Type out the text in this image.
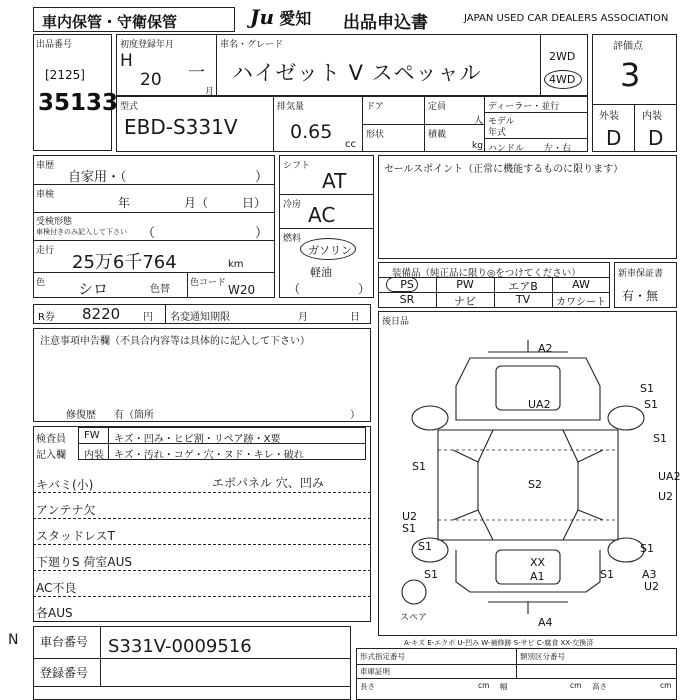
車内保管・守衛保管	Ju 愛知 出品申込書	JAPAN USED CAR DEALERS ASSOCIATION
出品番号
[2125]
35133
初度登録年月
H
20 一
月
車名・グレード
ハイゼット V スペッャル
2WD
4WD
評価点
3
外装 内装
D D
型式
EBD-S331V
排気量
0.65
cc
ドア	定員
人
形状	積載
kg
ディーラー・並行
モデル
年式
ハンドル 左・右
車歴
自家用・（	）
車検
年	月（	日）
受検形態
車検付きのみ記入して下さい （	）
走行
25万6千764	km
色 シロ	色替
色コード W20
シフト
AT
冷房 AC
燃料
ガソリン
軽油
（	）
セールスポイント（正常に機能するものに限ります）
装備品（純正品に限り◎をつけてください）
PS	PW	エアB	AW
SR	ナビ	TV	カワシート
新車保証書
有・無
R券 8220 円 名変通知期限	月	日 後日品
注意事項申告欄（不具合内容等は具体的に記入して下さい）
修復歴 有（箇所	）
検査員
記入欄
FW キズ・凹み・ヒビ割・リペア跡・X要
内装 キズ・汚れ・コゲ・穴・ヌド・キレ・破れ
キバミ(小)	エボパネル 穴、凹み
アンテナ欠
スタッドレスT
下廻りS 荷室AUS
AC不良
各AUS
A2
UA2
S1
S1
S1
S1
S2
UA2
U2
S1
U2
S1
S1
S1
XX
A1	S1	A3
U2
A4
スペア
A-キズ E-エクボ U-凹み W-補修跡 S-サビ C-腐食 XX-交換済
N 車台番号 S331V-0009516
登録番号
形式指定番号	類別区分番号
車庫証明
長さ	cm 幅	cm 高さ	cm
